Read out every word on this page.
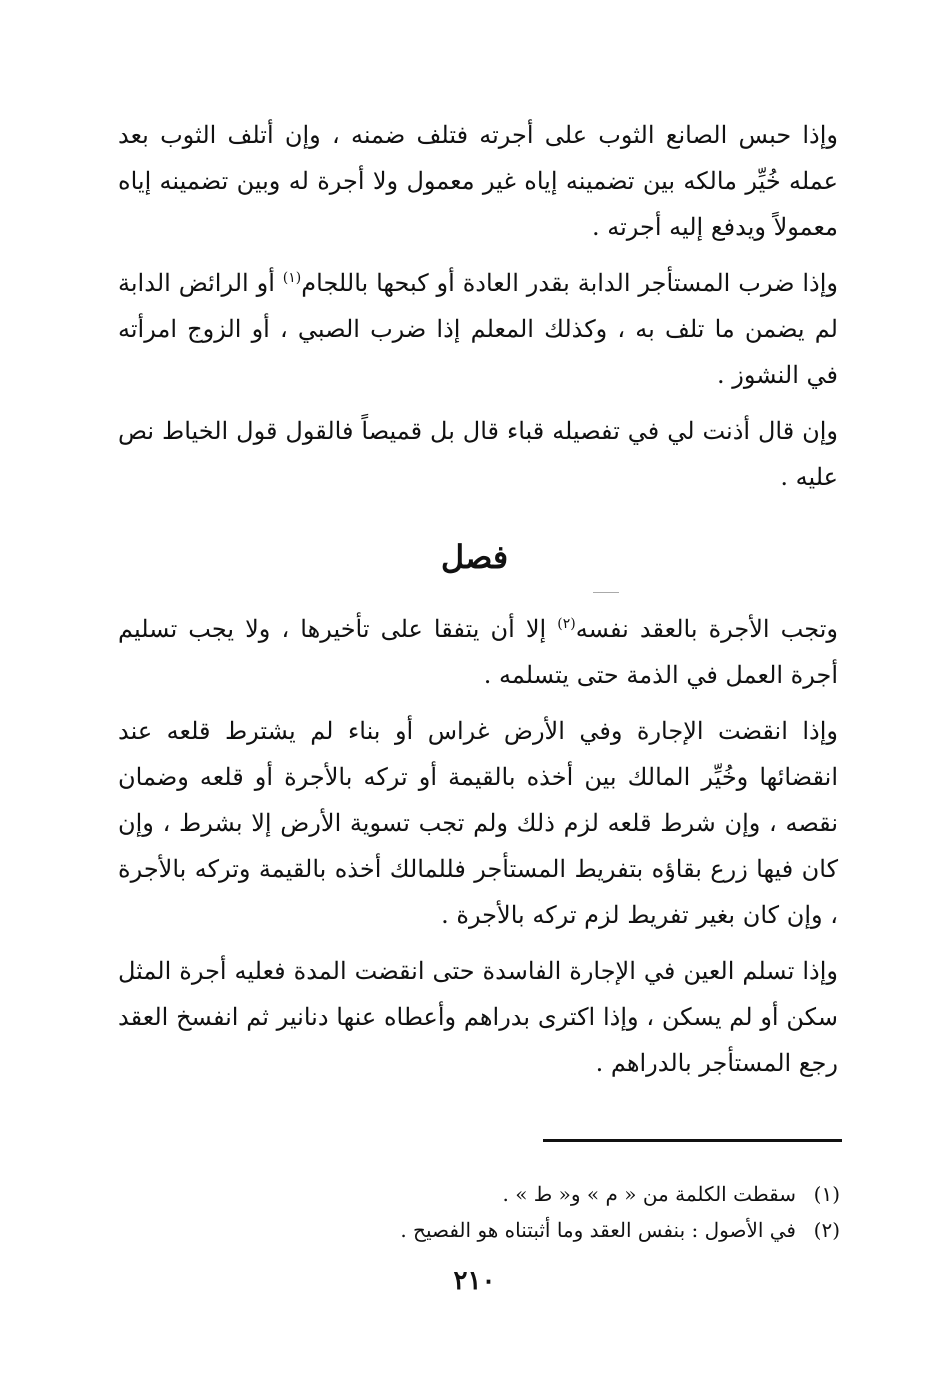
وإذا حبس الصانع الثوب على أجرته فتلف ضمنه ، وإن أتلف الثوب بعد عمله خُيِّر مالكه بين تضمينه إياه غير معمول ولا أجرة له وبين تضمينه إياه معمولاً ويدفع إليه أجرته .

وإذا ضرب المستأجر الدابة بقدر العادة أو كبحها باللجام$^{(١)}$ أو الرائض الدابة لم يضمن ما تلف به ، وكذلك المعلم إذا ضرب الصبي ، أو الزوج امرأته في النشوز .

وإن قال أذنت لي في تفصيله قباء قال بل قميصاً فالقول قول الخياط نص عليه .

فصل

وتجب الأجرة بالعقد نفسه$^{(٢)}$ إلا أن يتفقا على تأخيرها ، ولا يجب تسليم أجرة العمل في الذمة حتى يتسلمه .

وإذا انقضت الإجارة وفي الأرض غراس أو بناء لم يشترط قلعه عند انقضائها وخُيِّر المالك بين أخذه بالقيمة أو تركه بالأجرة أو قلعه وضمان نقصه ، وإن شرط قلعه لزم ذلك ولم تجب تسوية الأرض إلا بشرط ، وإن كان فيها زرع بقاؤه بتفريط المستأجر فللمالك أخذه بالقيمة وتركه بالأجرة ، وإن كان بغير تفريط لزم تركه بالأجرة .

وإذا تسلم العين في الإجارة الفاسدة حتى انقضت المدة فعليه أجرة المثل سكن أو لم يسكن ، وإذا اكترى بدراهم وأعطاه عنها دنانير ثم انفسخ العقد رجع المستأجر بالدراهم .

(١)سقطت الكلمة من « م » و« ط » .
(٢)في الأصول : بنفس العقد وما أثبتناه هو الفصيح .
٢١٠
